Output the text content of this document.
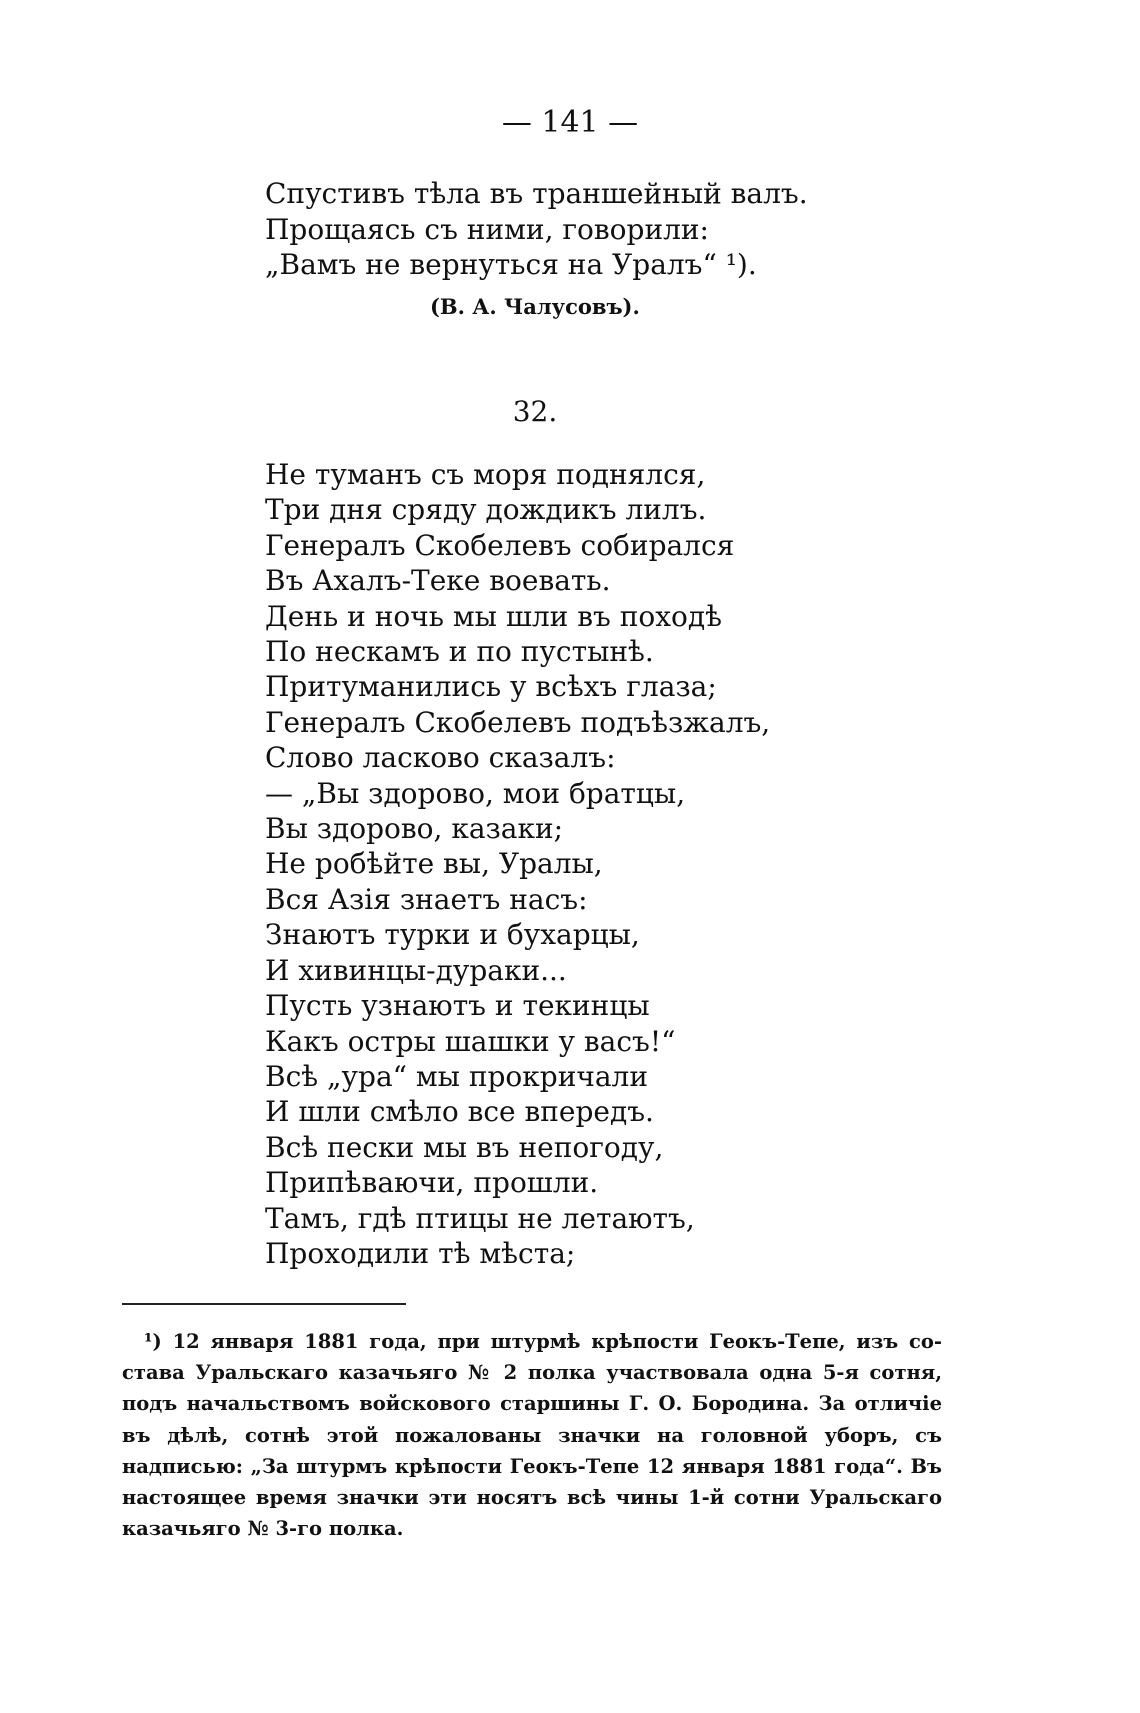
— 141 —
Спустивъ тѣла въ траншейный валъ.
Прощаясь съ ними, говорили:
„Вамъ не вернуться на Уралъ“ ¹).
(В. А. Чалусовъ).
32.
Не туманъ съ моря поднялся,
Три дня сряду дождикъ лилъ.
Генералъ Скобелевъ собирался
Въ Ахалъ-Теке воевать.
День и ночь мы шли въ походѣ
По нескамъ и по пустынѣ.
Притуманились у всѣхъ глаза;
Генералъ Скобелевъ подъѣзжалъ,
Слово ласково сказалъ:
— „Вы здорово, мои братцы,
Вы здорово, казаки;
Не робѣйте вы, Уралы,
Вся Азія знаетъ насъ:
Знаютъ турки и бухарцы,
И хивинцы-дураки...
Пусть узнаютъ и текинцы
Какъ остры шашки у васъ!“
Всѣ „ура“ мы прокричали
И шли смѣло все впередъ.
Всѣ пески мы въ непогоду,
Припѣваючи, прошли.
Тамъ, гдѣ птицы не летаютъ,
Проходили тѣ мѣста;
¹) 12 января 1881 года, при штурмѣ крѣпости Геокъ-Тепе, изъ со-
става Уральскаго казачьяго № 2 полка участвовала одна 5-я сотня, подъ начальствомъ войскового старшины Г. О. Бородина. За отличіе въ дѣлѣ, сотнѣ этой пожалованы значки на головной уборъ, съ надписью: „За штурмъ крѣпости Геокъ-Тепе 12 января 1881 года“. Въ настоящее время значки эти носятъ всѣ чины 1-й сотни Уральскаго казачьяго № 3-го полка.
